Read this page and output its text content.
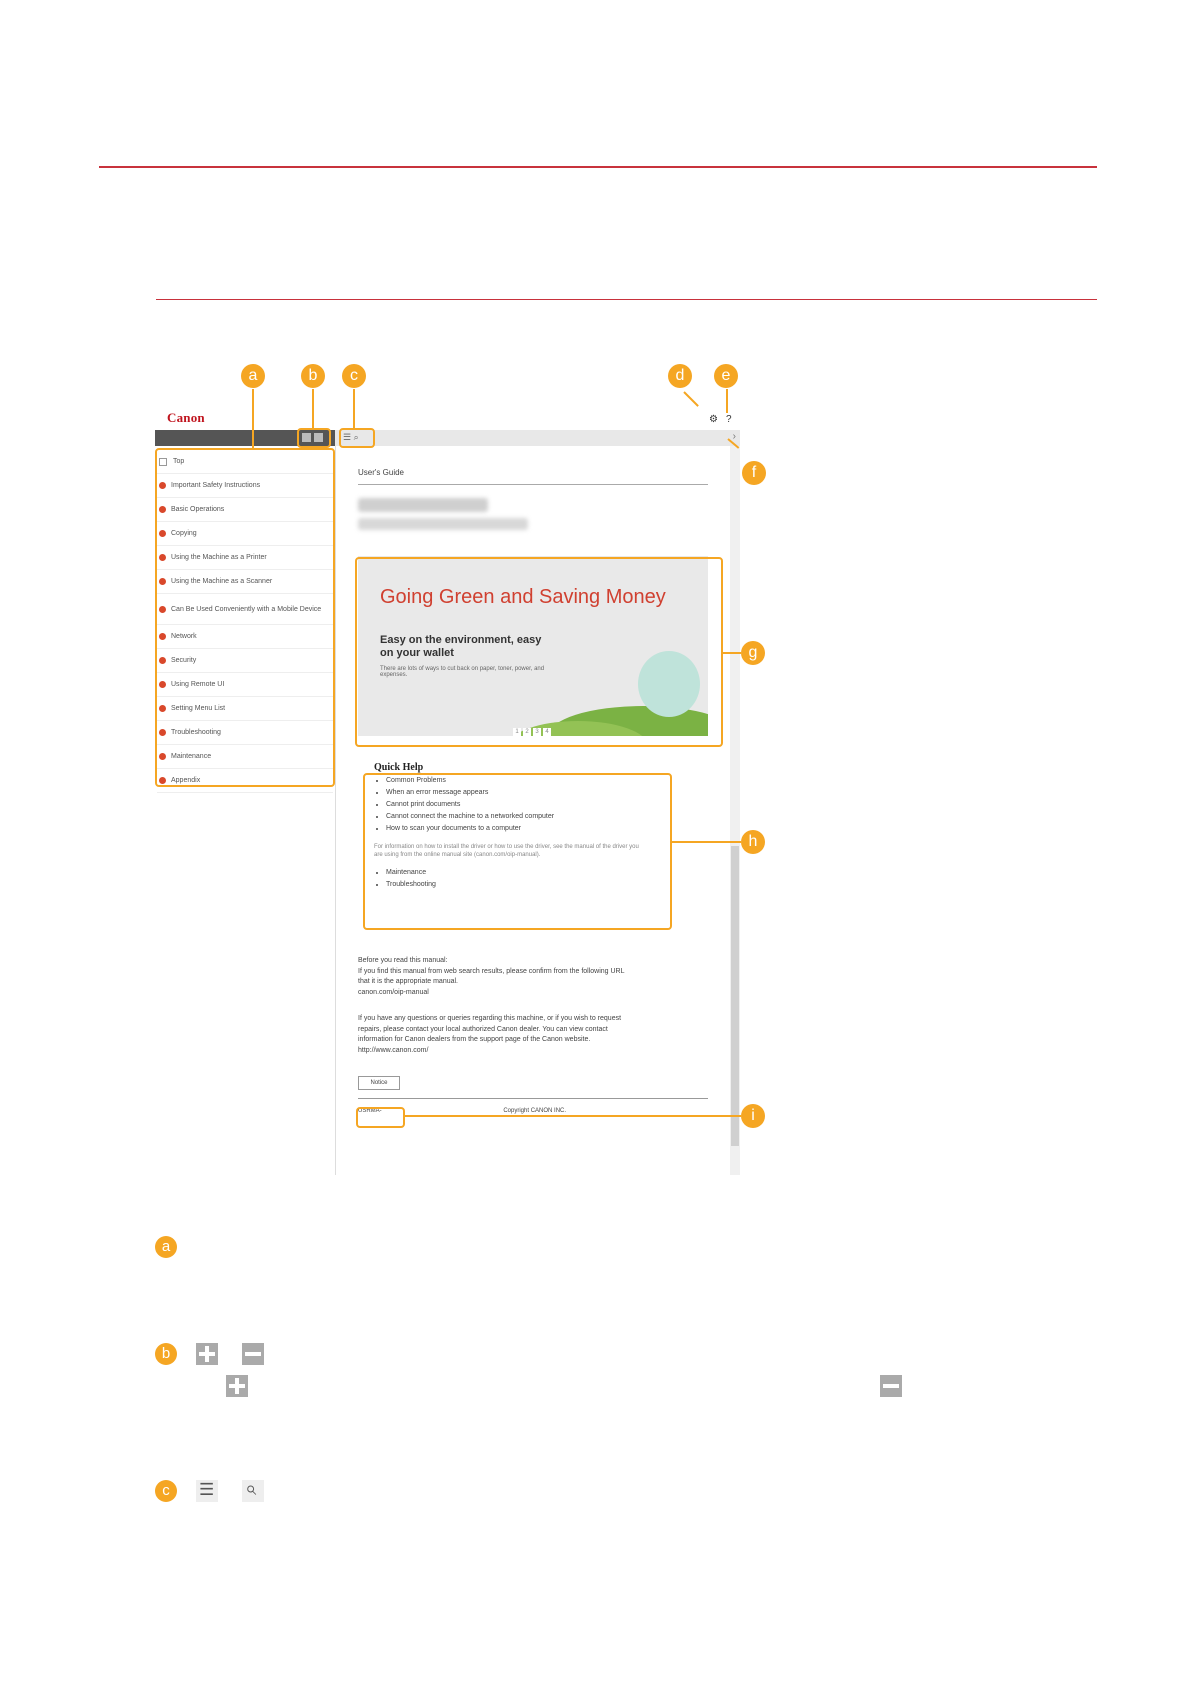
Canon	⚙ ?
☰ ⌕	›
Top
Important Safety Instructions
Basic Operations
Copying
Using the Machine as a Printer
Using the Machine as a Scanner
Can Be Used Conveniently with a Mobile Device
Network
Security
Using Remote UI
Setting Menu List
Troubleshooting
Maintenance
Appendix
User's Guide
Going Green and Saving Money
Easy on the environment, easy on your wallet
There are lots of ways to cut back on paper, toner, power, and expenses.
1 2 3 4
Quick Help
• Common Problems
• When an error message appears
• Cannot print documents
• Cannot connect the machine to a networked computer
• How to scan your documents to a computer
For information on how to install the driver or how to use the driver, see the manual of the driver you are using from the online manual site (canon.com/oip-manual).
• Maintenance
• Troubleshooting
Before you read this manual:
If you find this manual from web search results, please confirm from the following URL
that it is the appropriate manual.
canon.com/oip-manual
If you have any questions or queries regarding this machine, or if you wish to request
repairs, please contact your local authorized Canon dealer. You can view contact
information for Canon dealers from the support page of the Canon website.
http://www.canon.com/
Notice
USRMA-	Copyright CANON INC.
a	b	c	d	e
f
g
h
i
a
b
c
☰
⌕
